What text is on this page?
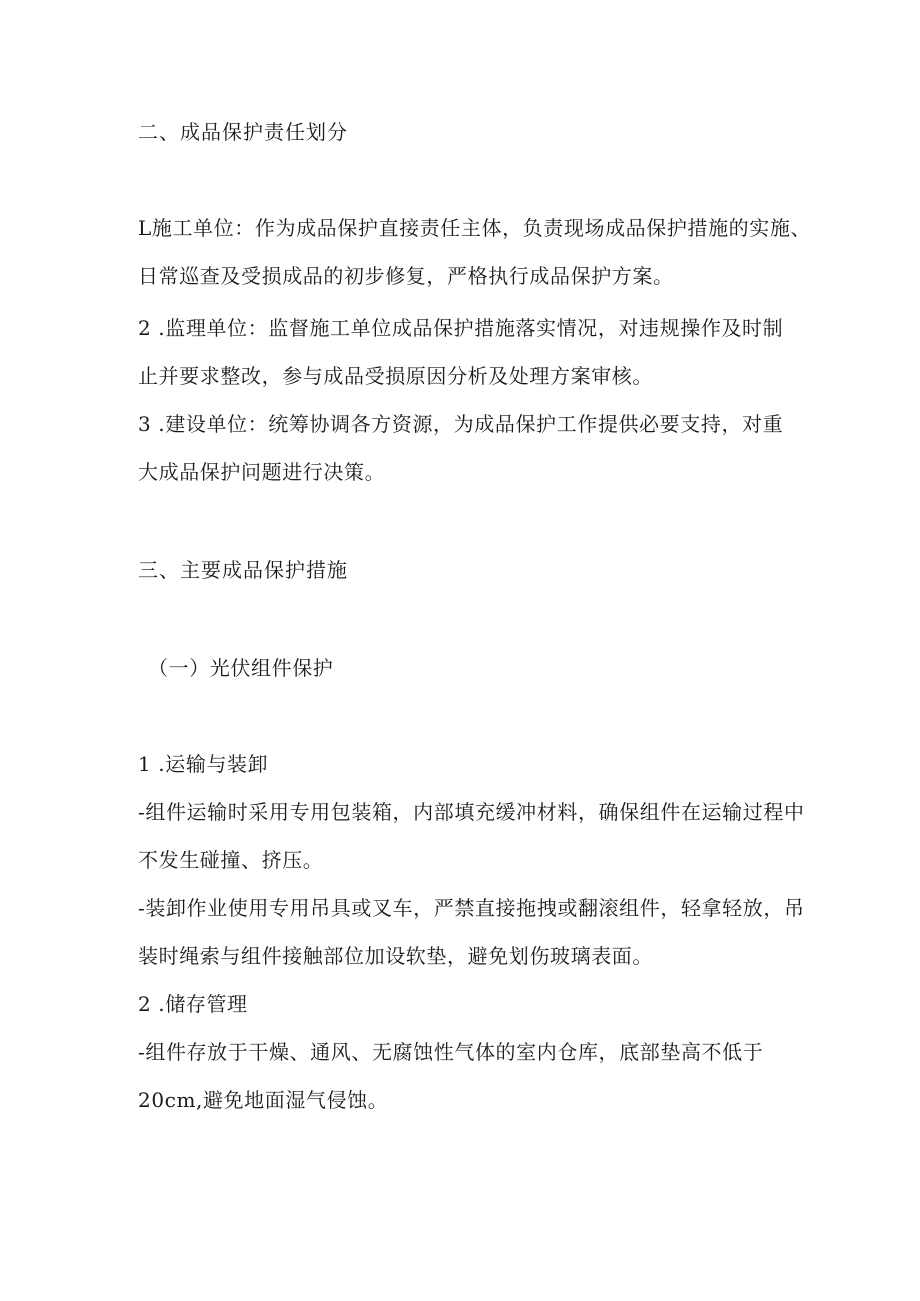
二、成品保护责任划分
L施工单位：作为成品保护直接责任主体，负责现场成品保护措施的实施、
日常巡查及受损成品的初步修复，严格执行成品保护方案。
2 .监理单位：监督施工单位成品保护措施落实情况，对违规操作及时制
止并要求整改，参与成品受损原因分析及处理方案审核。
3 .建设单位：统筹协调各方资源，为成品保护工作提供必要支持，对重
大成品保护问题进行决策。
三、主要成品保护措施
（一）光伏组件保护
1 .运输与装卸
-组件运输时采用专用包装箱，内部填充缓冲材料，确保组件在运输过程中
不发生碰撞、挤压。
-装卸作业使用专用吊具或叉车，严禁直接拖拽或翻滚组件，轻拿轻放，吊
装时绳索与组件接触部位加设软垫，避免划伤玻璃表面。
2 .储存管理
-组件存放于干燥、通风、无腐蚀性气体的室内仓库，底部垫高不低于
20cm,避免地面湿气侵蚀。
